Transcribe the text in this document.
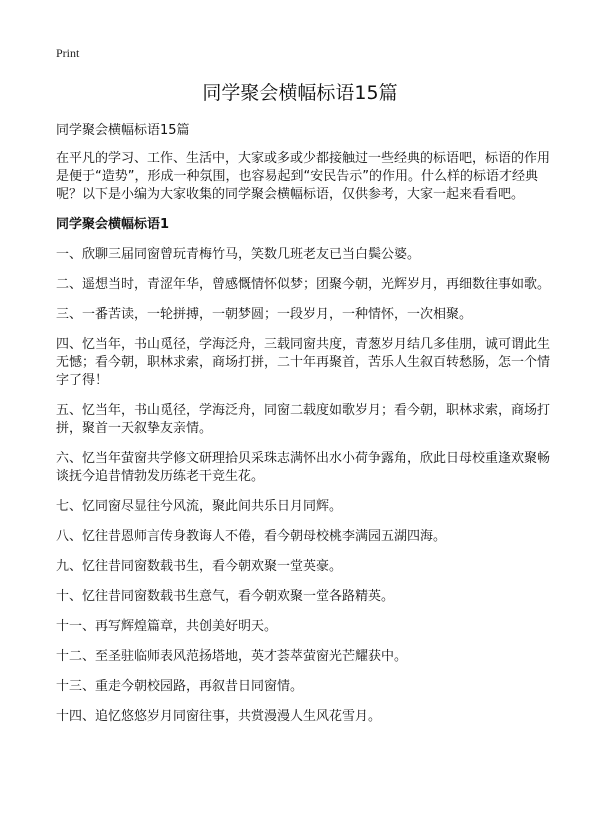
Print
同学聚会横幅标语15篇

同学聚会横幅标语15篇

在平凡的学习、工作、生活中，大家或多或少都接触过一些经典的标语吧，标语的作用是便于“造势”，形成一种氛围，也容易起到“安民告示”的作用。什么样的标语才经典呢？以下是小编为大家收集的同学聚会横幅标语，仅供参考，大家一起来看看吧。

同学聚会横幅标语1

一、欣聊三届同窗曾玩青梅竹马，笑数几班老友已当白鬓公婆。

二、遥想当时，青涩年华，曾感慨情怀似梦；团聚今朝，光辉岁月，再细数往事如歌。

三、一番苦读，一轮拼搏，一朝梦圆；一段岁月，一种情怀，一次相聚。

四、忆当年，书山觅径，学海泛舟，三载同窗共度，青葱岁月结几多佳朋，诚可谓此生无憾；看今朝，职林求索，商场打拼，二十年再聚首，苦乐人生叙百转愁肠，怎一个情字了得！

五、忆当年，书山觅径，学海泛舟，同窗二载度如歌岁月；看今朝，职林求索，商场打拼，聚首一天叙挚友亲情。

六、忆当年萤窗共学修文研理拾贝采珠志满怀出水小荷争露角，欣此日母校重逢欢聚畅谈抚今追昔情勃发历练老干竞生花。

七、忆同窗尽显往兮风流，聚此间共乐日月同辉。

八、忆往昔恩师言传身教诲人不倦，看今朝母校桃李满园五湖四海。

九、忆往昔同窗数载书生，看今朝欢聚一堂英豪。

十、忆往昔同窗数载书生意气，看今朝欢聚一堂各路精英。

十一、再写辉煌篇章，共创美好明天。

十二、至圣驻临师表风范扬塔地，英才荟萃萤窗光芒耀获中。

十三、重走今朝校园路，再叙昔日同窗情。

十四、追忆悠悠岁月同窗往事，共赏漫漫人生风花雪月。
